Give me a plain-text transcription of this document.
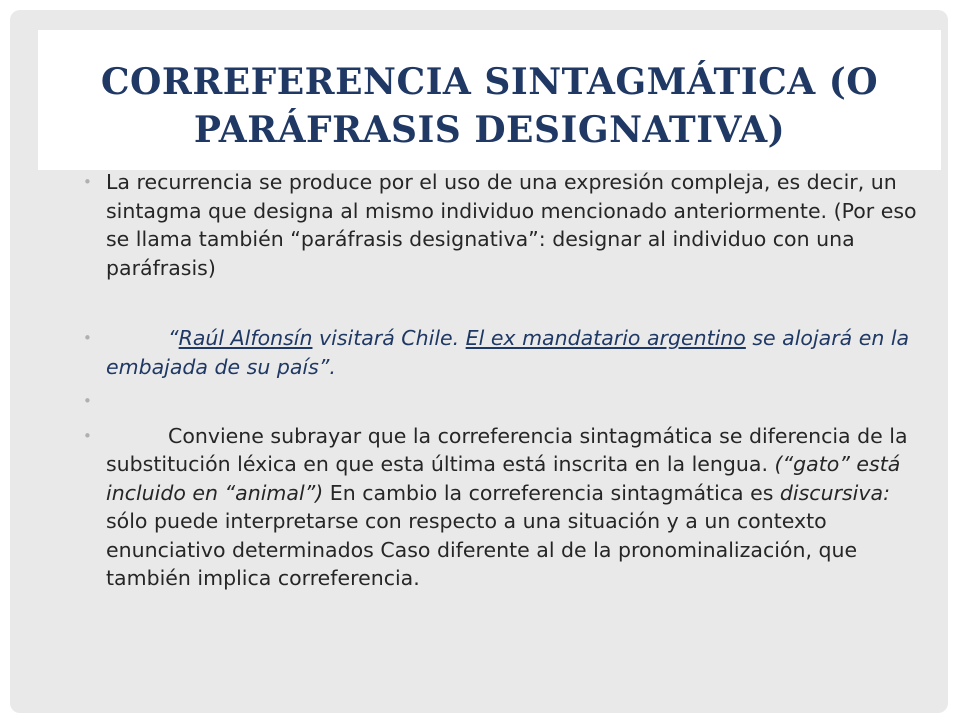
CORREFERENCIA SINTAGMÁTICA (O PARÁFRASIS DESIGNATIVA)
• La recurrencia se produce por el uso de una expresión compleja, es decir, un sintagma que designa al mismo individuo mencionado anteriormente. (Por eso se llama también “paráfrasis designativa”: designar al individuo con una paráfrasis)
•	“Raúl Alfonsín visitará Chile. El ex mandatario argentino se alojará en la embajada de su país”.
•
•	Conviene subrayar que la correferencia sintagmática se diferencia de la substitución léxica en que esta última está inscrita en la lengua. (“gato” está incluido en “animal”) En cambio la correferencia sintagmática es discursiva: sólo puede interpretarse con respecto a una situación y a un contexto enunciativo determinados Caso diferente al de la pronominalización, que también implica correferencia.
